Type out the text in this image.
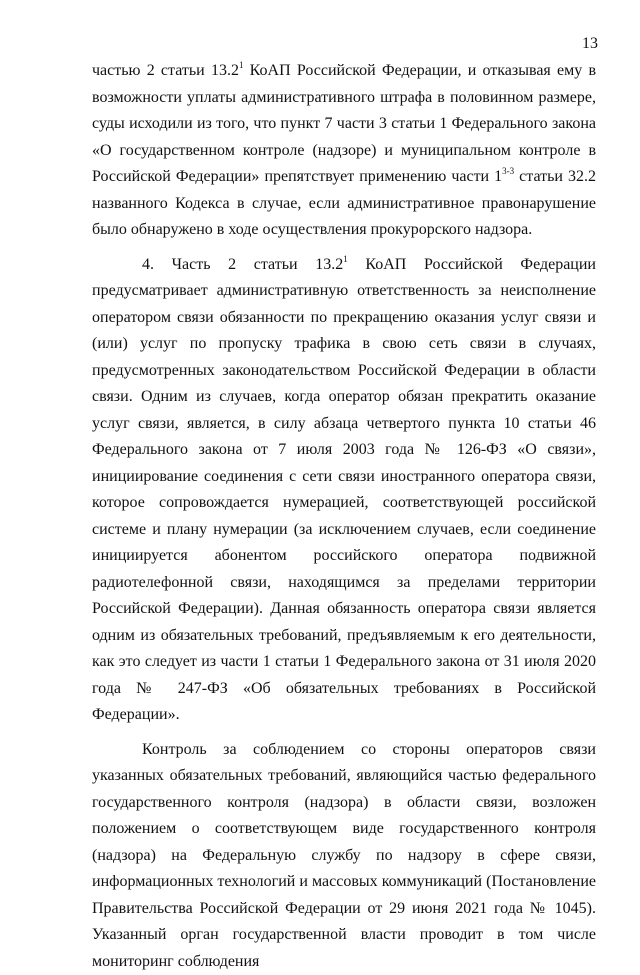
13

частью 2 статьи 13.2$^1$ КоАП Российской Федерации, и отказывая ему в возможности уплаты административного штрафа в половинном размере, суды исходили из того, что пункт 7 части 3 статьи 1 Федерального закона «О государственном контроле (надзоре) и муниципальном контроле в Российской Федерации» препятствует применению части 1$^{3-3}$ статьи 32.2 названного Кодекса в случае, если административное правонарушение было обнаружено в ходе осуществления прокурорского надзора.

4. Часть 2 статьи 13.2$^1$ КоАП Российской Федерации предусматривает административную ответственность за неисполнение оператором связи обязанности по прекращению оказания услуг связи и (или) услуг по пропуску трафика в свою сеть связи в случаях, предусмотренных законодательством Российской Федерации в области связи. Одним из случаев, когда оператор обязан прекратить оказание услуг связи, является, в силу абзаца четвертого пункта 10 статьи 46 Федерального закона от 7 июля 2003 года № 126-ФЗ «О связи», инициирование соединения с сети связи иностранного оператора связи, которое сопровождается нумерацией, соответствующей российской системе и плану нумерации (за исключением случаев, если соединение инициируется абонентом российского оператора подвижной радиотелефонной связи, находящимся за пределами территории Российской Федерации). Данная обязанность оператора связи является одним из обязательных требований, предъявляемым к его деятельности, как это следует из части 1 статьи 1 Федерального закона от 31 июля 2020 года № 247-ФЗ «Об обязательных требованиях в Российской Федерации».

Контроль за соблюдением со стороны операторов связи указанных обязательных требований, являющийся частью федерального государственного контроля (надзора) в области связи, возложен положением о соответствующем виде государственного контроля (надзора) на Федеральную службу по надзору в сфере связи, информационных технологий и массовых коммуникаций (Постановление Правительства Российской Федерации от 29 июня 2021 года № 1045). Указанный орган государственной власти проводит в том числе мониторинг соблюдения
